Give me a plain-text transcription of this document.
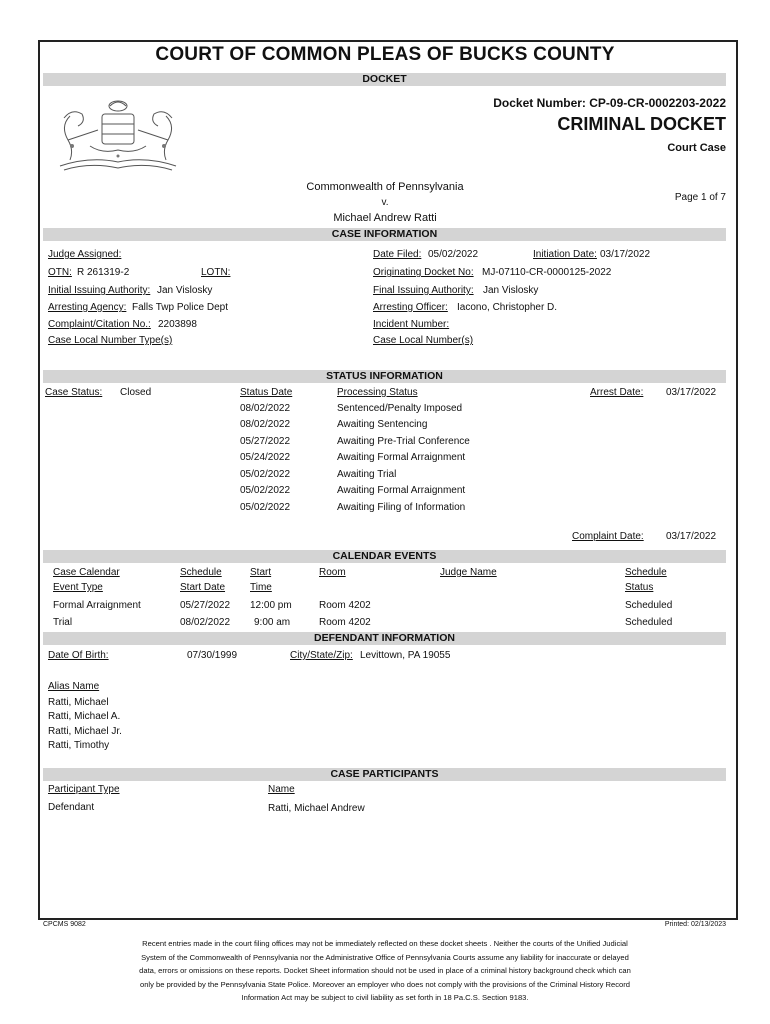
COURT OF COMMON PLEAS OF BUCKS COUNTY
DOCKET
Docket Number: CP-09-CR-0002203-2022
CRIMINAL DOCKET
Court Case
Commonwealth of Pennsylvania
v.
Michael Andrew Ratti
Page 1 of 7
CASE INFORMATION
Judge Assigned:	Date Filed: 05/02/2022	Initiation Date: 03/17/2022
OTN: R 261319-2	LOTN:	Originating Docket No: MJ-07110-CR-0000125-2022
Initial Issuing Authority: Jan Vislosky	Final Issuing Authority: Jan Vislosky
Arresting Agency: Falls Twp Police Dept	Arresting Officer: Iacono, Christopher D.
Complaint/Citation No.: 2203898	Incident Number:
Case Local Number Type(s)	Case Local Number(s)
STATUS INFORMATION
Case Status: Closed	Status Date	Processing Status	Arrest Date: 03/17/2022
08/02/2022	Sentenced/Penalty Imposed
08/02/2022	Awaiting Sentencing
05/27/2022	Awaiting Pre-Trial Conference
05/24/2022	Awaiting Formal Arraignment
05/02/2022	Awaiting Trial
05/02/2022	Awaiting Formal Arraignment
05/02/2022	Awaiting Filing of Information
Complaint Date: 03/17/2022
CALENDAR EVENTS
Case Calendar
Event Type
Schedule
Start Date
Start
Time
Room	Judge Name	Schedule
Status
Formal Arraignment	05/27/2022 12:00 pm	Room 4202	Scheduled
Trial	08/02/2022 9:00 am	Room 4202	Scheduled
DEFENDANT INFORMATION
Date Of Birth:	07/30/1999	City/State/Zip: Levittown, PA 19055
Alias Name
Ratti, Michael
Ratti, Michael A.
Ratti, Michael Jr.
Ratti, Timothy
CASE PARTICIPANTS
Participant Type	Name
Defendant	Ratti, Michael Andrew
CPCMS 9082	Printed: 02/13/2023
Recent entries made in the court filing offices may not be immediately reflected on these docket sheets . Neither the courts of the Unified Judicial
System of the Commonwealth of Pennsylvania nor the Administrative Office of Pennsylvania Courts assume any liability for inaccurate or delayed
data, errors or omissions on these reports. Docket Sheet information should not be used in place of a criminal history background check which can
only be provided by the Pennsylvania State Police. Moreover an employer who does not comply with the provisions of the Criminal History Record
Information Act may be subject to civil liability as set forth in 18 Pa.C.S. Section 9183.
